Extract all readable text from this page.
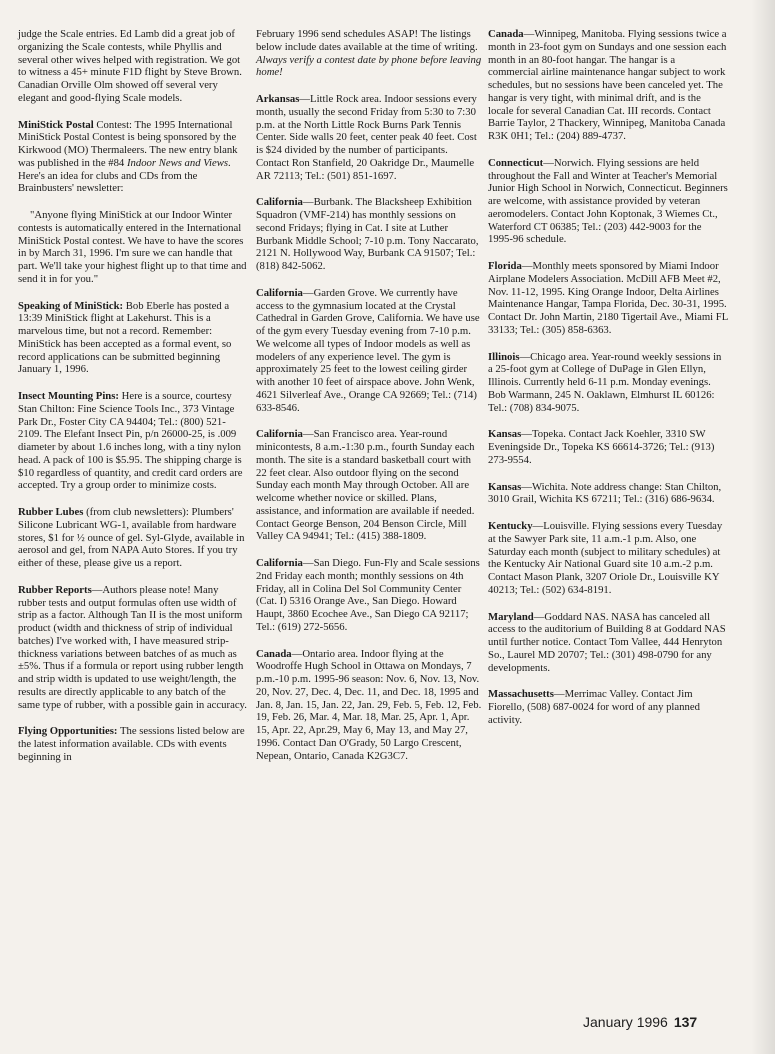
judge the Scale entries. Ed Lamb did a great job of organizing the Scale contests, while Phyllis and several other wives helped with registration. We got to witness a 45+ minute F1D flight by Steve Brown. Canadian Orville Olm showed off several very elegant and good-flying Scale models.

MiniStick Postal Contest: The 1995 International MiniStick Postal Contest is being sponsored by the Kirkwood (MO) Thermaleers. The new entry blank was published in the #84 Indoor News and Views. Here's an idea for clubs and CDs from the Brainbusters' newsletter:

"Anyone flying MiniStick at our Indoor Winter contests is automatically entered in the International MiniStick Postal contest. We have to have the scores in by March 31, 1996. I'm sure we can handle that part. We'll take your highest flight up to that time and send it in for you."

Speaking of MiniStick: Bob Eberle has posted a 13:39 MiniStick flight at Lakehurst. This is a marvelous time, but not a record. Remember: MiniStick has been accepted as a formal event, so record applications can be submitted beginning January 1, 1996.

Insect Mounting Pins: Here is a source, courtesy Stan Chilton: Fine Science Tools Inc., 373 Vintage Park Dr., Foster City CA 94404; Tel.: (800) 521-2109. The Elefant Insect Pin, p/n 26000-25, is .009 diameter by about 1.6 inches long, with a tiny nylon head. A pack of 100 is $5.95. The shipping charge is $10 regardless of quantity, and credit card orders are accepted. Try a group order to minimize costs.

Rubber Lubes (from club newsletters): Plumbers' Silicone Lubricant WG-1, available from hardware stores, $1 for ½ ounce of gel. Syl-Glyde, available in aerosol and gel, from NAPA Auto Stores. If you try either of these, please give us a report.

Rubber Reports—Authors please note! Many rubber tests and output formulas often use width of strip as a factor. Although Tan II is the most uniform product (width and thickness of strip of individual batches) I've worked with, I have measured strip-thickness variations between batches of as much as ±5%. Thus if a formula or report using rubber length and strip width is updated to use weight/length, the results are directly applicable to any batch of the same type of rubber, with a possible gain in accuracy.

Flying Opportunities: The sessions listed below are the latest information available. CDs with events beginning in

February 1996 send schedules ASAP! The listings below include dates available at the time of writing. Always verify a contest date by phone before leaving home!

Arkansas—Little Rock area. Indoor sessions every month, usually the second Friday from 5:30 to 7:30 p.m. at the North Little Rock Burns Park Tennis Center. Side walls 20 feet, center peak 40 feet. Cost is $24 divided by the number of participants. Contact Ron Stanfield, 20 Oakridge Dr., Maumelle AR 72113; Tel.: (501) 851-1697.

California—Burbank. The Blacksheep Exhibition Squadron (VMF-214) has monthly sessions on second Fridays; flying in Cat. I site at Luther Burbank Middle School; 7-10 p.m. Tony Naccarato, 2121 N. Hollywood Way, Burbank CA 91507; Tel.: (818) 842-5062.

California—Garden Grove. We currently have access to the gymnasium located at the Crystal Cathedral in Garden Grove, California. We have use of the gym every Tuesday evening from 7-10 p.m. We welcome all types of Indoor models as well as modelers of any experience level. The gym is approximately 25 feet to the lowest ceiling girder with another 10 feet of airspace above. John Wenk, 4621 Silverleaf Ave., Orange CA 92669; Tel.: (714) 633-8546.

California—San Francisco area. Year-round minicontests, 8 a.m.-1:30 p.m., fourth Sunday each month. The site is a standard basketball court with 22 feet clear. Also outdoor flying on the second Sunday each month May through October. All are welcome whether novice or skilled. Plans, assistance, and information are available if needed. Contact George Benson, 204 Benson Circle, Mill Valley CA 94941; Tel.: (415) 388-1809.

California—San Diego. Fun-Fly and Scale sessions 2nd Friday each month; monthly sessions on 4th Friday, all in Colina Del Sol Community Center (Cat. I) 5316 Orange Ave., San Diego. Howard Haupt, 3860 Ecochee Ave., San Diego CA 92117; Tel.: (619) 272-5656.

Canada—Ontario area. Indoor flying at the Woodroffe Hugh School in Ottawa on Mondays, 7 p.m.-10 p.m. 1995-96 season: Nov. 6, Nov. 13, Nov. 20, Nov. 27, Dec. 4, Dec. 11, and Dec. 18, 1995 and Jan. 8, Jan. 15, Jan. 22, Jan. 29, Feb. 5, Feb. 12, Feb. 19, Feb. 26, Mar. 4, Mar. 18, Mar. 25, Apr. 1, Apr. 15, Apr. 22, Apr.29, May 6, May 13, and May 27, 1996. Contact Dan O'Grady, 50 Largo Crescent, Nepean, Ontario, Canada K2G3C7.

Canada—Winnipeg, Manitoba. Flying sessions twice a month in 23-foot gym on Sundays and one session each month in an 80-foot hangar. The hangar is a commercial airline maintenance hangar subject to work schedules, but no sessions have been canceled yet. The hangar is very tight, with minimal drift, and is the locale for several Canadian Cat. III records. Contact Barrie Taylor, 2 Thackery, Winnipeg, Manitoba Canada R3K 0H1; Tel.: (204) 889-4737.

Connecticut—Norwich. Flying sessions are held throughout the Fall and Winter at Teacher's Memorial Junior High School in Norwich, Connecticut. Beginners are welcome, with assistance provided by veteran aeromodelers. Contact John Koptonak, 3 Wiemes Ct., Waterford CT 06385; Tel.: (203) 442-9003 for the 1995-96 schedule.

Florida—Monthly meets sponsored by Miami Indoor Airplane Modelers Association. McDill AFB Meet #2, Nov. 11-12, 1995. King Orange Indoor, Delta Airlines Maintenance Hangar, Tampa Florida, Dec. 30-31, 1995. Contact Dr. John Martin, 2180 Tigertail Ave., Miami FL 33133; Tel.: (305) 858-6363.

Illinois—Chicago area. Year-round weekly sessions in a 25-foot gym at College of DuPage in Glen Ellyn, Illinois. Currently held 6-11 p.m. Monday evenings. Bob Warmann, 245 N. Oaklawn, Elmhurst IL 60126: Tel.: (708) 834-9075.

Kansas—Topeka. Contact Jack Koehler, 3310 SW Eveningside Dr., Topeka KS 66614-3726; Tel.: (913) 273-9554.

Kansas—Wichita. Note address change: Stan Chilton, 3010 Grail, Wichita KS 67211; Tel.: (316) 686-9634.

Kentucky—Louisville. Flying sessions every Tuesday at the Sawyer Park site, 11 a.m.-1 p.m. Also, one Saturday each month (subject to military schedules) at the Kentucky Air National Guard site 10 a.m.-2 p.m. Contact Mason Plank, 3207 Oriole Dr., Louisville KY 40213; Tel.: (502) 634-8191.

Maryland—Goddard NAS. NASA has canceled all access to the auditorium of Building 8 at Goddard NAS until further notice. Contact Tom Vallee, 444 Henryton So., Laurel MD 20707; Tel.: (301) 498-0790 for any developments.

Massachusetts—Merrimac Valley. Contact Jim Fiorello, (508) 687-0024 for word of any planned activity.

January 1996 137
